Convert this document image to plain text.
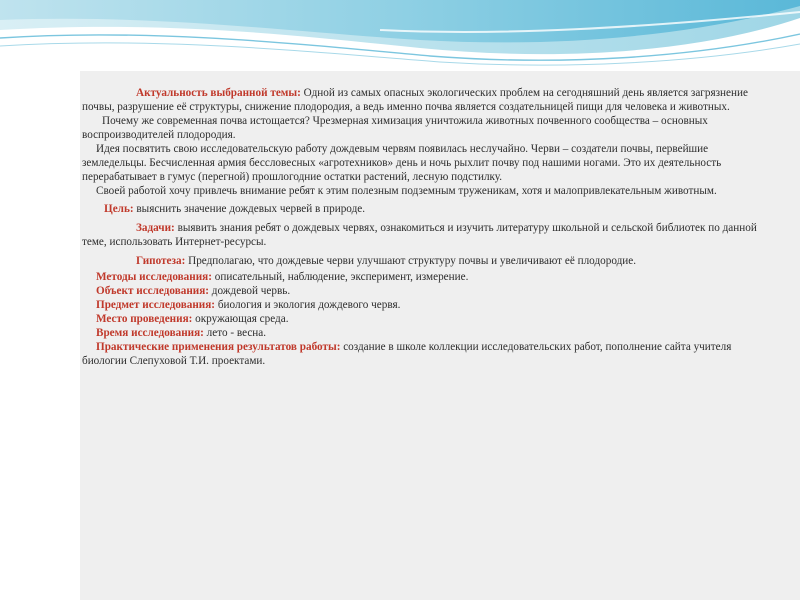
Актуальность выбранной темы: Одной из самых опасных экологических проблем на сегодняшний день является загрязнение почвы, разрушение её структуры, снижение плодородия, а ведь именно почва является создательницей пищи для человека и животных.

Почему же современная почва истощается? Чрезмерная химизация уничтожила животных почвенного сообщества – основных воспроизводителей плодородия.

Идея посвятить свою исследовательскую работу дождевым червям появилась неслучайно. Черви – создатели почвы, первейшие земледельцы. Бесчисленная армия бессловесных «агротехников» день и ночь рыхлит почву под нашими ногами. Это их деятельность перерабатывает в гумус (перегной) прошлогодние остатки растений, лесную подстилку.

Своей работой хочу привлечь внимание ребят к этим полезным подземным труженикам, хотя и малопривлекательным животным.

Цель: выяснить значение дождевых червей в природе.

Задачи: выявить знания ребят о дождевых червях, ознакомиться и изучить литературу школьной и сельской библиотек по данной теме, использовать Интернет-ресурсы.

Гипотеза: Предполагаю, что дождевые черви улучшают структуру почвы и увеличивают её плодородие.

Методы исследования: описательный, наблюдение, эксперимент, измерение.

Объект исследования: дождевой червь.

Предмет исследования: биология и экология дождевого червя.

Место проведения: окружающая среда.

Время исследования: лето - весна.

Практические применения результатов работы: создание в школе коллекции исследовательских работ, пополнение сайта учителя биологии Слепуховой Т.И. проектами.
